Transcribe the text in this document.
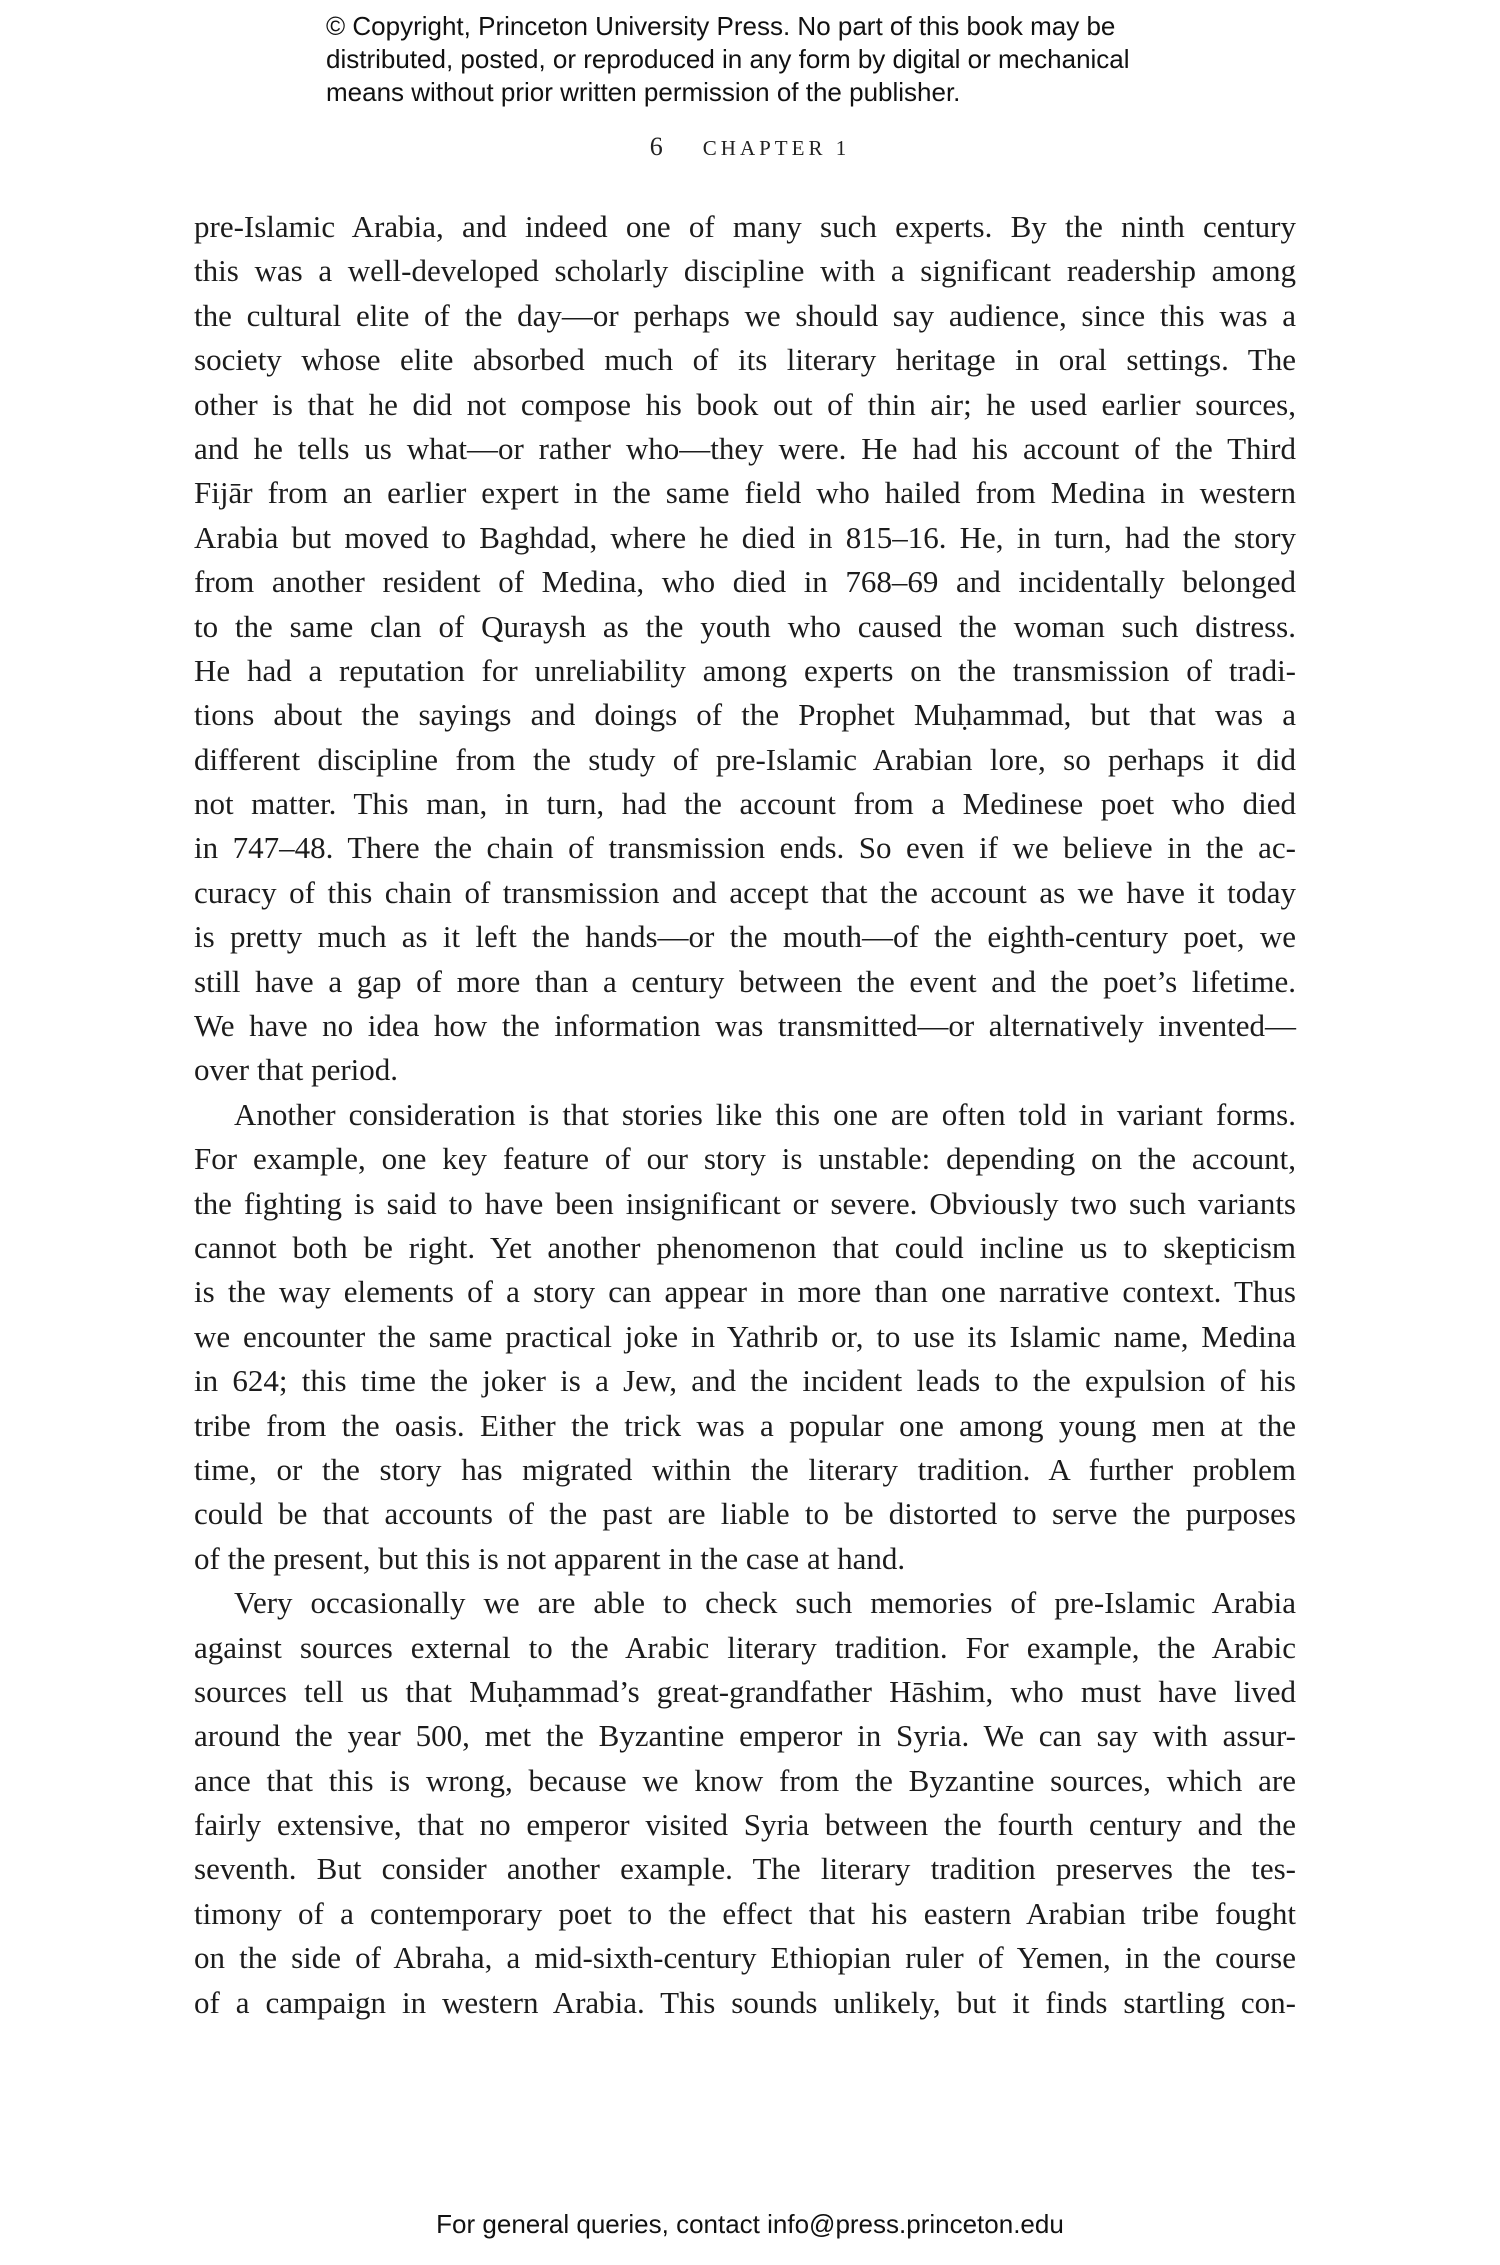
© Copyright, Princeton University Press. No part of this book may be
distributed, posted, or reproduced in any form by digital or mechanical
means without prior written permission of the publisher.
6 CHAPTER 1
pre-Islamic Arabia, and indeed one of many such experts. By the ninth century
this was a well-developed scholarly discipline with a significant readership among
the cultural elite of the day—or perhaps we should say audience, since this was a
society whose elite absorbed much of its literary heritage in oral settings. The
other is that he did not compose his book out of thin air; he used earlier sources,
and he tells us what—or rather who—they were. He had his account of the Third
Fijār from an earlier expert in the same field who hailed from Medina in western
Arabia but moved to Baghdad, where he died in 815–16. He, in turn, had the story
from another resident of Medina, who died in 768–69 and incidentally belonged
to the same clan of Quraysh as the youth who caused the woman such distress.
He had a reputation for unreliability among experts on the transmission of tradi-
tions about the sayings and doings of the Prophet Muḥammad, but that was a
different discipline from the study of pre-Islamic Arabian lore, so perhaps it did
not matter. This man, in turn, had the account from a Medinese poet who died
in 747–48. There the chain of transmission ends. So even if we believe in the ac-
curacy of this chain of transmission and accept that the account as we have it today
is pretty much as it left the hands—or the mouth—of the eighth-century poet, we
still have a gap of more than a century between the event and the poet’s lifetime.
We have no idea how the information was transmitted—or alternatively invented—
over that period.
Another consideration is that stories like this one are often told in variant forms.
For example, one key feature of our story is unstable: depending on the account,
the fighting is said to have been insignificant or severe. Obviously two such variants
cannot both be right. Yet another phenomenon that could incline us to skepticism
is the way elements of a story can appear in more than one narrative context. Thus
we encounter the same practical joke in Yathrib or, to use its Islamic name, Medina
in 624; this time the joker is a Jew, and the incident leads to the expulsion of his
tribe from the oasis. Either the trick was a popular one among young men at the
time, or the story has migrated within the literary tradition. A further problem
could be that accounts of the past are liable to be distorted to serve the purposes
of the present, but this is not apparent in the case at hand.
Very occasionally we are able to check such memories of pre-Islamic Arabia
against sources external to the Arabic literary tradition. For example, the Arabic
sources tell us that Muḥammad’s great-grandfather Hāshim, who must have lived
around the year 500, met the Byzantine emperor in Syria. We can say with assur-
ance that this is wrong, because we know from the Byzantine sources, which are
fairly extensive, that no emperor visited Syria between the fourth century and the
seventh. But consider another example. The literary tradition preserves the tes-
timony of a contemporary poet to the effect that his eastern Arabian tribe fought
on the side of Abraha, a mid-sixth-century Ethiopian ruler of Yemen, in the course
of a campaign in western Arabia. This sounds unlikely, but it finds startling con-
For general queries, contact info@press.princeton.edu
